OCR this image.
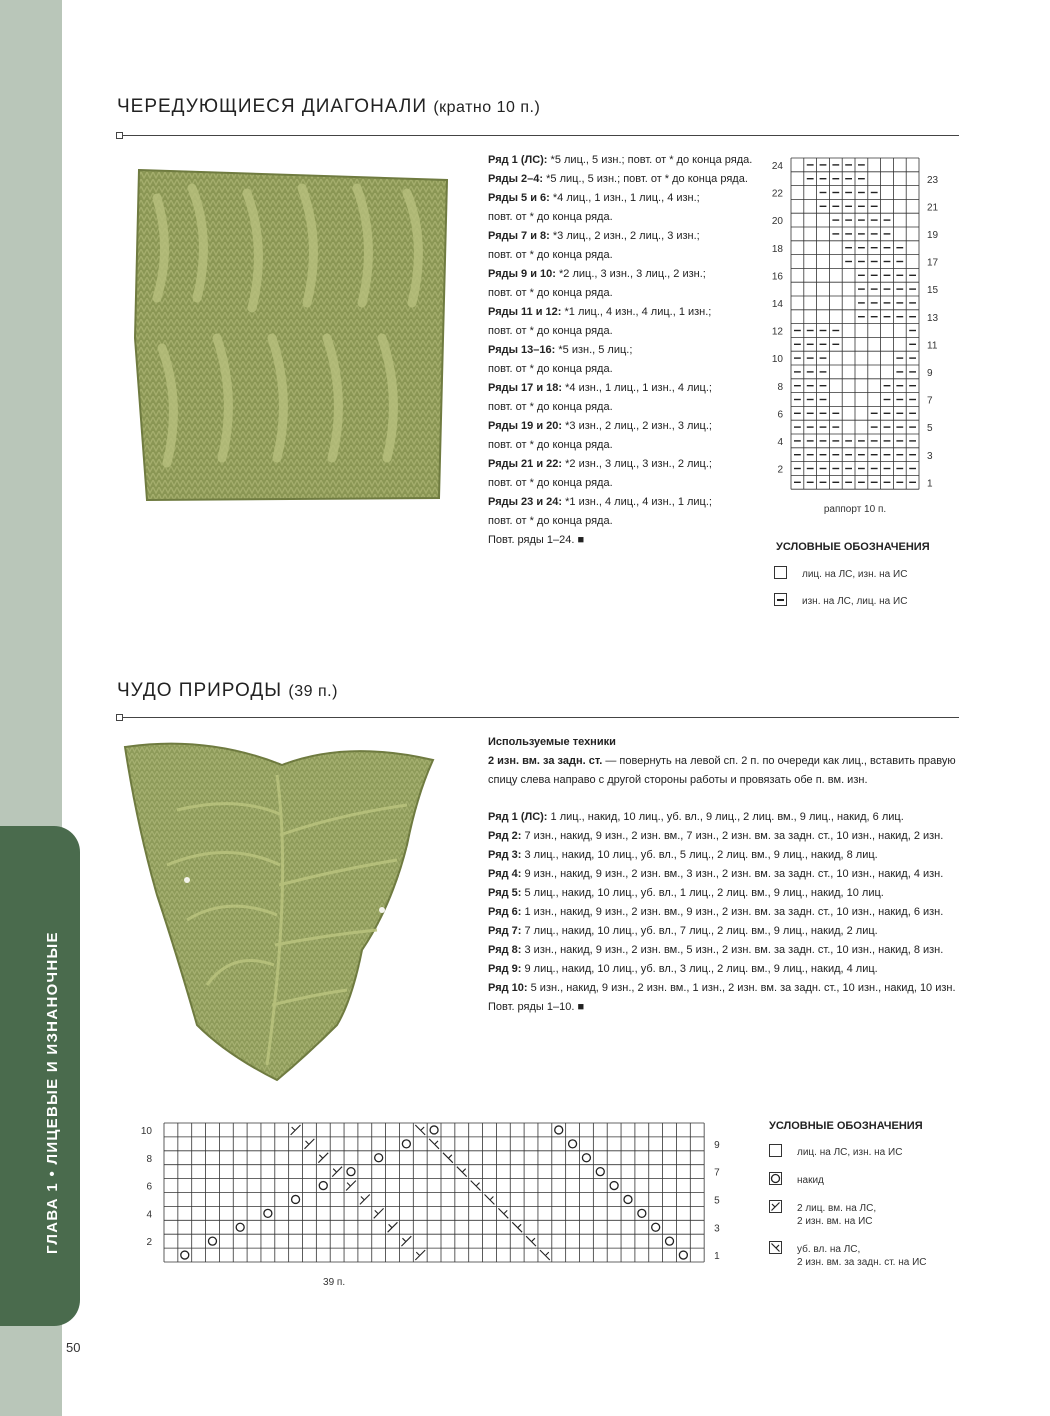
ГЛАВА 1 • ЛИЦЕВЫЕ И ИЗНАНОЧНЫЕ
50
ЧЕРЕДУЮЩИЕСЯ ДИАГОНАЛИ (кратно 10 п.)
Ряд 1 (ЛС): *5 лиц., 5 изн.; повт. от * до конца ряда.
Ряды 2–4: *5 лиц., 5 изн.; повт. от * до конца ряда.
Ряды 5 и 6: *4 лиц., 1 изн., 1 лиц., 4 изн.;
повт. от * до конца ряда.
Ряды 7 и 8: *3 лиц., 2 изн., 2 лиц., 3 изн.;
повт. от * до конца ряда.
Ряды 9 и 10: *2 лиц., 3 изн., 3 лиц., 2 изн.;
повт. от * до конца ряда.
Ряды 11 и 12: *1 лиц., 4 изн., 4 лиц., 1 изн.;
повт. от * до конца ряда.
Ряды 13–16: *5 изн., 5 лиц.;
повт. от * до конца ряда.
Ряды 17 и 18: *4 изн., 1 лиц., 1 изн., 4 лиц.;
повт. от * до конца ряда.
Ряды 19 и 20: *3 изн., 2 лиц., 2 изн., 3 лиц.;
повт. от * до конца ряда.
Ряды 21 и 22: *2 изн., 3 лиц., 3 изн., 2 лиц.;
повт. от * до конца ряда.
Ряды 23 и 24: *1 изн., 4 лиц., 4 изн., 1 лиц.;
повт. от * до конца ряда.
Повт. ряды 1–24. ■
24
22
20
18
16
14
12
10
8
6
4
2
23
21
19
17
15
13
11
9
7
5
3
1
раппорт 10 п.
УСЛОВНЫЕ ОБОЗНАЧЕНИЯ
лиц. на ЛС, изн. на ИС
изн. на ЛС, лиц. на ИС
ЧУДО ПРИРОДЫ (39 п.)
Используемые техники
2 изн. вм. за задн. ст. — повернуть на левой сп. 2 п. по очереди как лиц., вставить правую
спицу слева направо с другой стороны работы и провязать обе п. вм. изн.
Ряд 1 (ЛС): 1 лиц., накид, 10 лиц., уб. вл., 9 лиц., 2 лиц. вм., 9 лиц., накид, 6 лиц.
Ряд 2: 7 изн., накид, 9 изн., 2 изн. вм., 7 изн., 2 изн. вм. за задн. ст., 10 изн., накид, 2 изн.
Ряд 3: 3 лиц., накид, 10 лиц., уб. вл., 5 лиц., 2 лиц. вм., 9 лиц., накид, 8 лиц.
Ряд 4: 9 изн., накид, 9 изн., 2 изн. вм., 3 изн., 2 изн. вм. за задн. ст., 10 изн., накид, 4 изн.
Ряд 5: 5 лиц., накид, 10 лиц., уб. вл., 1 лиц., 2 лиц. вм., 9 лиц., накид, 10 лиц.
Ряд 6: 1 изн., накид, 9 изн., 2 изн. вм., 9 изн., 2 изн. вм. за задн. ст., 10 изн., накид, 6 изн.
Ряд 7: 7 лиц., накид, 10 лиц., уб. вл., 7 лиц., 2 лиц. вм., 9 лиц., накид, 2 лиц.
Ряд 8: 3 изн., накид, 9 изн., 2 изн. вм., 5 изн., 2 изн. вм. за задн. ст., 10 изн., накид, 8 изн.
Ряд 9: 9 лиц., накид, 10 лиц., уб. вл., 3 лиц., 2 лиц. вм., 9 лиц., накид, 4 лиц.
Ряд 10: 5 изн., накид, 9 изн., 2 изн. вм., 1 изн., 2 изн. вм. за задн. ст., 10 изн., накид, 10 изн.
Повт. ряды 1–10. ■
10
8
6
4
2
9
7
5
3
1
39 п.
УСЛОВНЫЕ ОБОЗНАЧЕНИЯ
лиц. на ЛС, изн. на ИС
накид
2 лиц. вм. на ЛС,
2 изн. вм. на ИС
уб. вл. на ЛС,
2 изн. вм. за задн. ст. на ИС
